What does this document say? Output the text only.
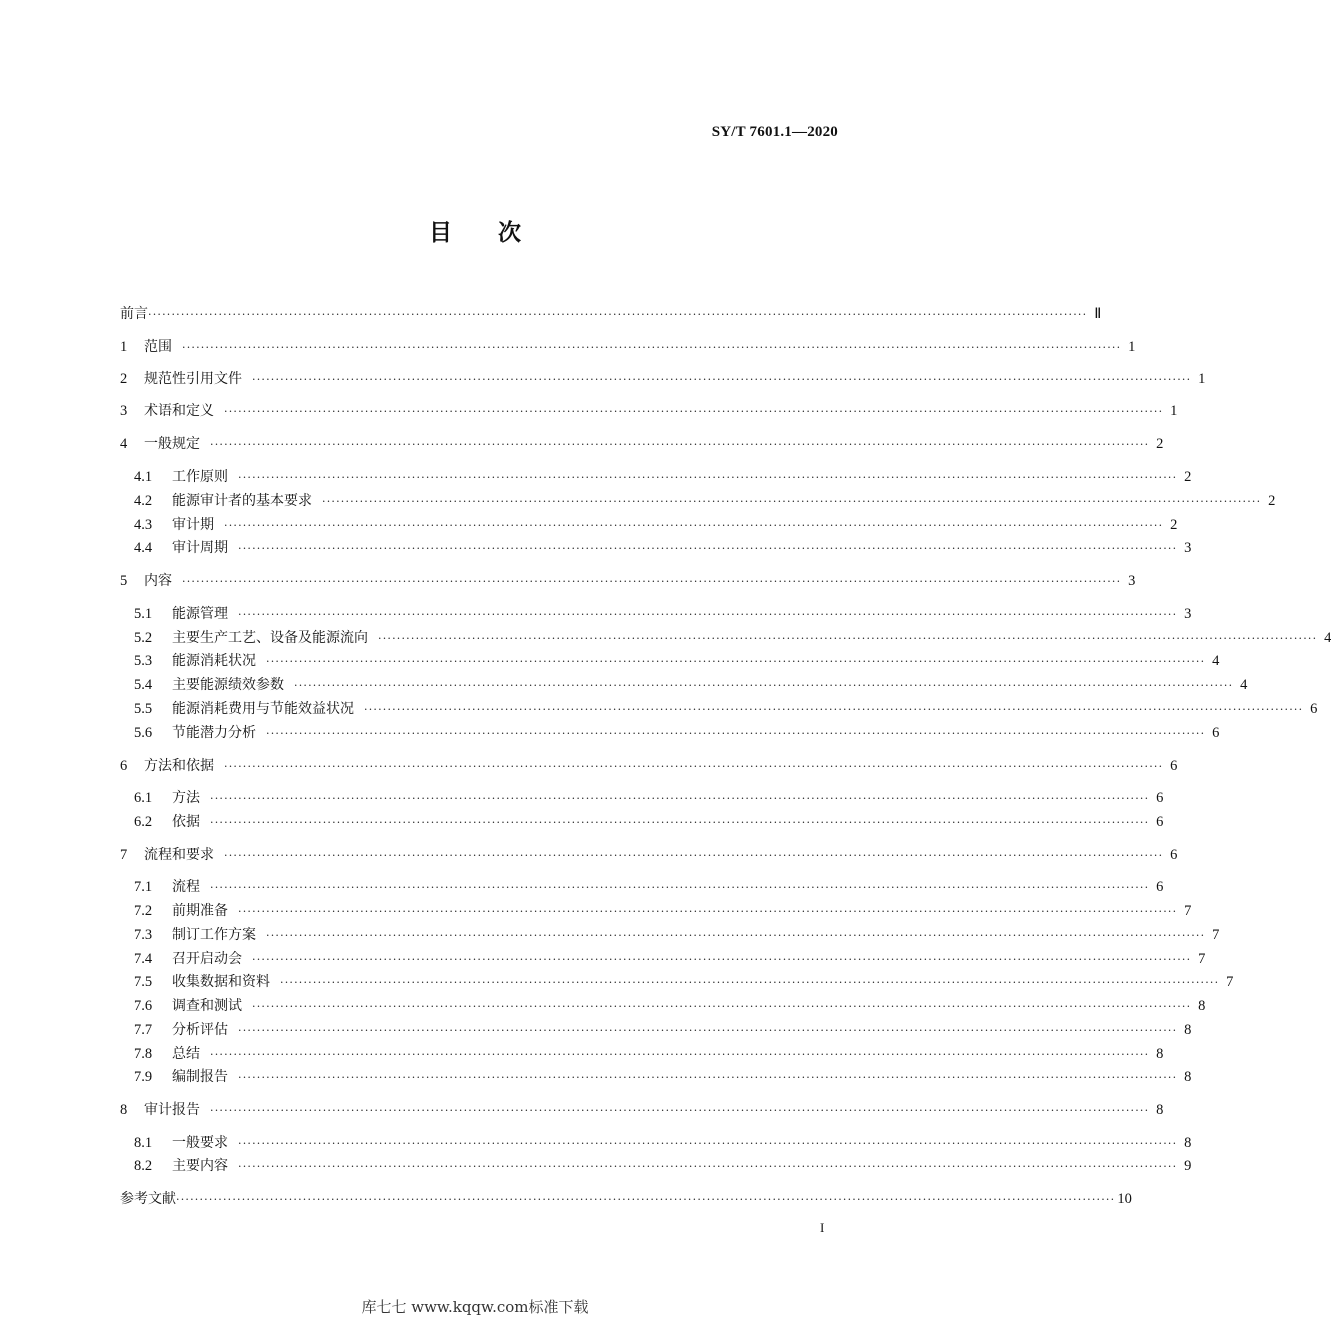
SY/T 7601.1—2020
目 次
前言 ········································································································································································································ Ⅱ
1	范围 ········································································································································································································ 1
2	规范性引用文件 ········································································································································································································ 1
3	术语和定义 ········································································································································································································ 1
4	一般规定 ········································································································································································································ 2
4.1	工作原则 ········································································································································································································ 2
4.2	能源审计者的基本要求 ········································································································································································································ 2
4.3	审计期 ········································································································································································································ 2
4.4	审计周期 ········································································································································································································ 3
5	内容 ········································································································································································································ 3
5.1	能源管理 ········································································································································································································ 3
5.2	主要生产工艺、设备及能源流向 ········································································································································································································ 4
5.3	能源消耗状况 ········································································································································································································ 4
5.4	主要能源绩效参数 ········································································································································································································ 4
5.5	能源消耗费用与节能效益状况 ········································································································································································································ 6
5.6	节能潜力分析 ········································································································································································································ 6
6	方法和依据 ········································································································································································································ 6
6.1	方法 ········································································································································································································ 6
6.2	依据 ········································································································································································································ 6
7	流程和要求 ········································································································································································································ 6
7.1	流程 ········································································································································································································ 6
7.2	前期准备 ········································································································································································································ 7
7.3	制订工作方案 ········································································································································································································ 7
7.4	召开启动会 ········································································································································································································ 7
7.5	收集数据和资料 ········································································································································································································ 7
7.6	调查和测试 ········································································································································································································ 8
7.7	分析评估 ········································································································································································································ 8
7.8	总结 ········································································································································································································ 8
7.9	编制报告 ········································································································································································································ 8
8	审计报告 ········································································································································································································ 8
8.1	一般要求 ········································································································································································································ 8
8.2	主要内容 ········································································································································································································ 9
参考文献 ········································································································································································································ 10
I
库七七 www.kqqw.com标准下载
